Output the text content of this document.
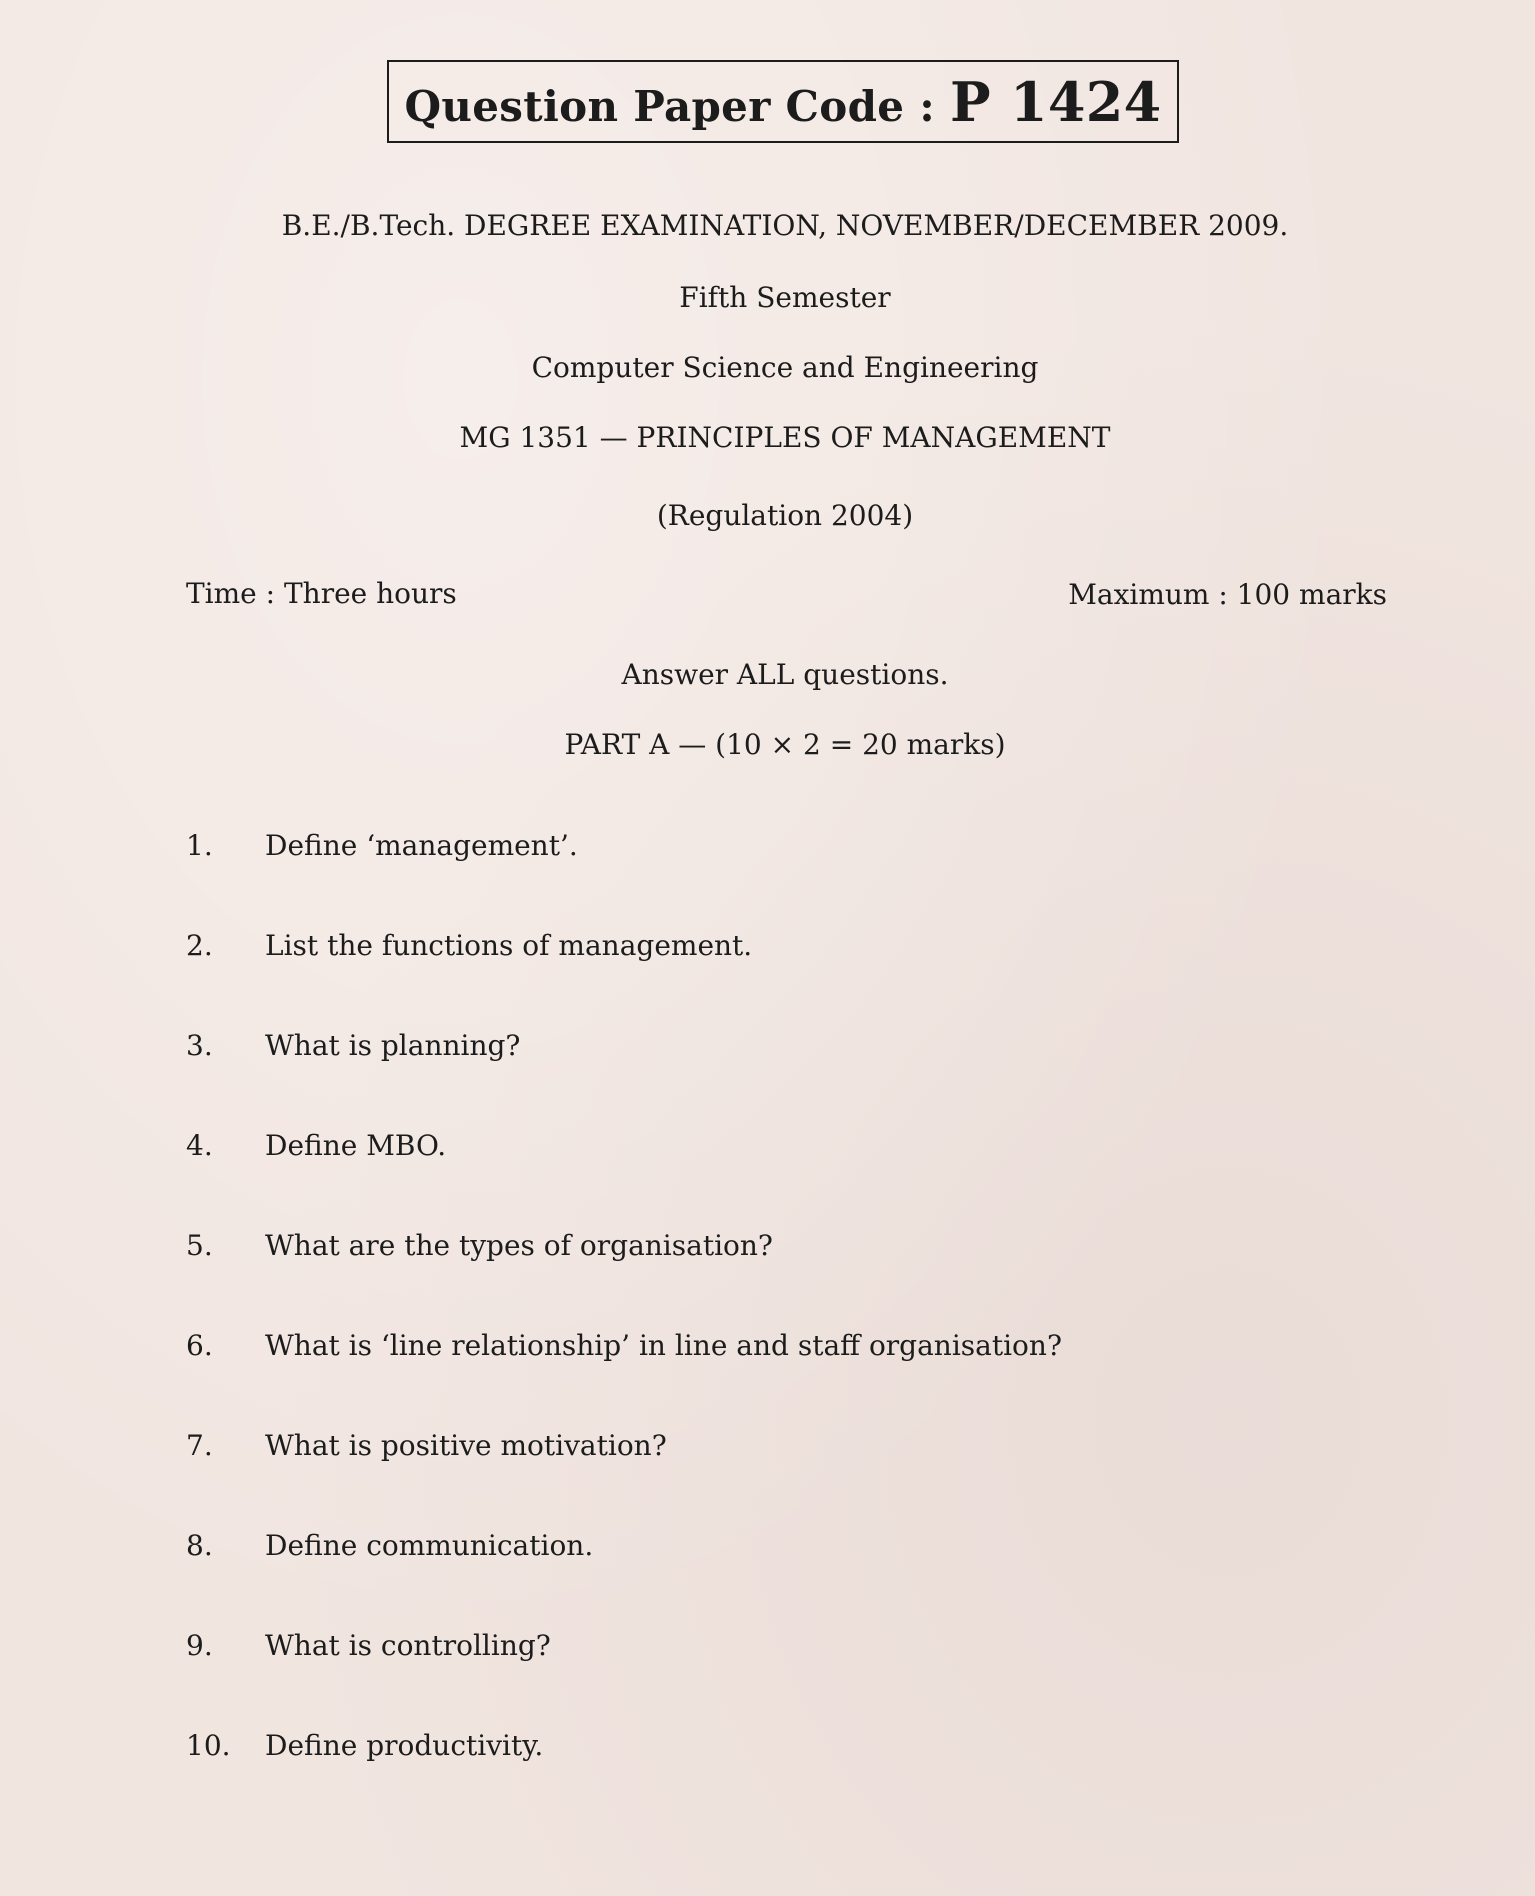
Question Paper Code : P 1424
B.E./B.Tech. DEGREE EXAMINATION, NOVEMBER/DECEMBER 2009.
Fifth Semester
Computer Science and Engineering
MG 1351 — PRINCIPLES OF MANAGEMENT
(Regulation 2004)
Time : Three hours	Maximum : 100 marks
Answer ALL questions.
PART A — (10 × 2 = 20 marks)
1. Define ‘management’.
2. List the functions of management.
3. What is planning?
4. Define MBO.
5. What are the types of organisation?
6. What is ‘line relationship’ in line and staff organisation?
7. What is positive motivation?
8. Define communication.
9. What is controlling?
10. Define productivity.
